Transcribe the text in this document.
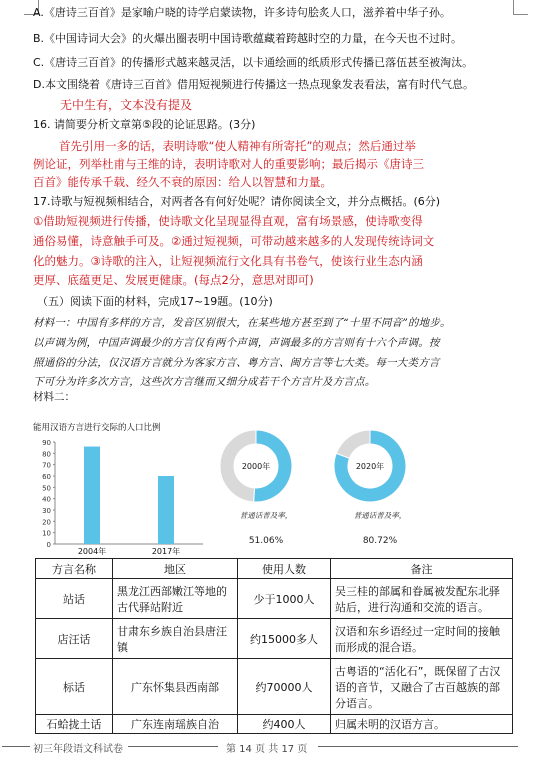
A.《唐诗三百首》是家喻户晓的诗学启蒙读物，许多诗句脍炙人口，滋养着中华子孙。
B.《中国诗词大会》的火爆出圈表明中国诗歌蕴藏着跨越时空的力量，在今天也不过时。
C.《唐诗三百首》的传播形式越来越灵活，以卡通绘画的纸质形式传播已落伍甚至被淘汰。
D.本文围绕着《唐诗三百首》借用短视频进行传播这一热点现象发表看法，富有时代气息。
无中生有，文本没有提及
16. 请简要分析文章第⑤段的论证思路。(3分)
首先引用一多的话，表明诗歌“使人精神有所寄托”的观点；然后通过举
例论证，列举杜甫与王维的诗，表明诗歌对人的重要影响；最后揭示《唐诗三
百首》能传承千载、经久不衰的原因：给人以智慧和力量。
17.诗歌与短视频相结合，对两者各有何好处呢？请你阅读全文，并分点概括。(6分)
①借助短视频进行传播，使诗歌文化呈现显得直观，富有场景感，使诗歌变得
通俗易懂，诗意触手可及。②通过短视频，可带动越来越多的人发现传统诗词文
化的魅力。③诗歌的注入，让短视频流行文化具有书卷气，使该行业生态内涵
更厚、底蕴更足、发展更健康。(每点2分，意思对即可)
（五）阅读下面的材料，完成17~19题。(10分)
材料一：中国有多样的方言，发音区别很大，在某些地方甚至到了“十里不同音”的地步。
以声调为例，中国声调最少的方言仅有两个声调，声调最多的方言则有十六个声调。按
照通俗的分法，仅汉语方言就分为客家方言、粤方言、闽方言等七大类。每一大类方言
下可分为许多次方言，这些次方言继而又细分成若干个方言片及方言点。
材料二：
能用汉语方言进行交际的人口比例
90
80
70
60
50
40
30
20
10
0
2004年	2017年
2000年
普通话普及率，
51.06%
2020年
普通话普及率，
80.72%
方言名称	地区	使用人数	备注
站话	黑龙江西部嫩江等地的古代驿站附近	少于1000人	吴三桂的部属和眷属被发配东北驿站后，进行沟通和交流的语言。
店汪话	甘肃东乡族自治县唐汪镇	约15000多人	汉语和东乡语经过一定时间的接触而形成的混合语。
标话	广东怀集县西南部	约70000人	古粤语的“活化石”，既保留了古汉语的音节，又融合了古百越族的部分语言。
石蛤拢土话	广东连南瑶族自治	约400人	归属未明的汉语方言。
初三年段语文科试卷	第 14 页 共 17 页
